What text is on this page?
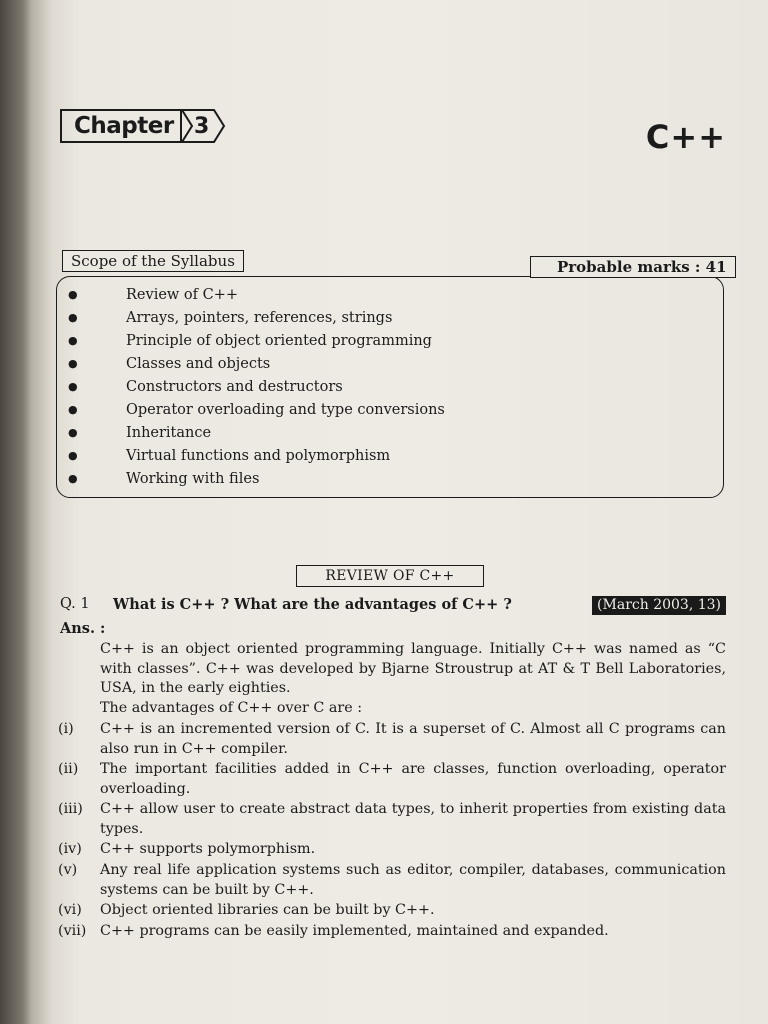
Chapter 3	C++
Scope of the Syllabus	Probable marks : 41
●	Review of C++
●	Arrays, pointers, references, strings
●	Principle of object oriented programming
●	Classes and objects
●	Constructors and destructors
●	Operator overloading and type conversions
●	Inheritance
●	Virtual functions and polymorphism
●	Working with files
REVIEW OF C++
Q. 1 What is C++ ? What are the advantages of C++ ?	(March 2003, 13)
Ans. :
C++ is an object oriented programming language. Initially C++ was named as “C with classes”. C++ was developed by Bjarne Stroustrup at AT & T Bell Laboratories, USA, in the early eighties.
The advantages of C++ over C are :
(i)	C++ is an incremented version of C. It is a superset of C. Almost all C programs can also run in C++ compiler.
(ii)	The important facilities added in C++ are classes, function overloading, operator overloading.
(iii)	C++ allow user to create abstract data types, to inherit properties from existing data types.
(iv)	C++ supports polymorphism.
(v)	Any real life application systems such as editor, compiler, databases, communication systems can be built by C++.
(vi)	Object oriented libraries can be built by C++.
(vii) C++ programs can be easily implemented, maintained and expanded.
